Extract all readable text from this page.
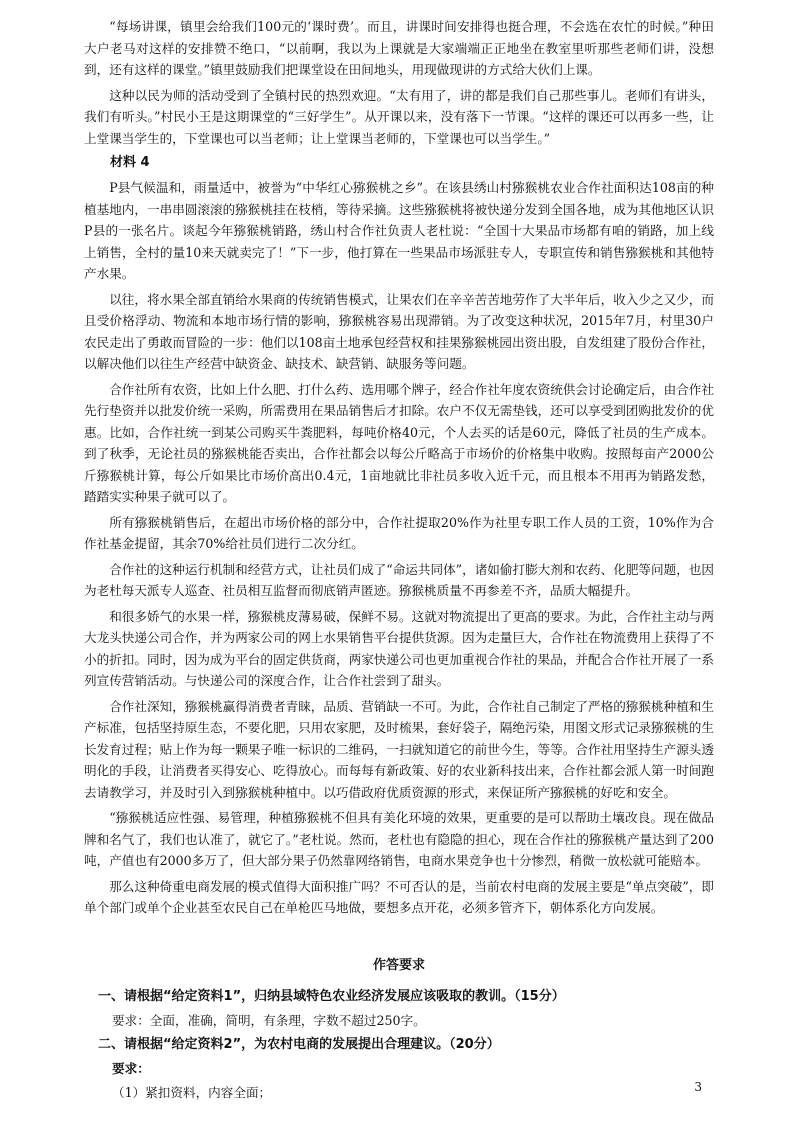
“每场讲课，镇里会给我们100元的‘课时费’。而且，讲课时间安排得也挺合理，不会选在农忙的时候。”种田大户老马对这样的安排赞不绝口，“以前啊，我以为上课就是大家端端正正地坐在教室里听那些老师们讲，没想到，还有这样的课堂。”镇里鼓励我们把课堂设在田间地头，用现做现讲的方式给大伙们上课。

这种以民为师的活动受到了全镇村民的热烈欢迎。“太有用了，讲的都是我们自己那些事儿。老师们有讲头，我们有听头。”村民小王是这期课堂的“三好学生”。从开课以来，没有落下一节课。“这样的课还可以再多一些，让上堂课当学生的，下堂课也可以当老师；让上堂课当老师的，下堂课也可以当学生。”

材料 4

P县气候温和，雨量适中，被誉为“中华红心猕猴桃之乡”。在该县绣山村猕猴桃农业合作社面积达108亩的种植基地内，一串串圆滚滚的猕猴桃挂在枝梢，等待采摘。这些猕猴桃将被快递分发到全国各地，成为其他地区认识P县的一张名片。谈起今年猕猴桃销路，绣山村合作社负责人老杜说：“全国十大果品市场都有咱的销路，加上线上销售，全村的量10来天就卖完了！”下一步，他打算在一些果品市场派驻专人，专职宣传和销售猕猴桃和其他特产水果。

以往，将水果全部直销给水果商的传统销售模式，让果农们在辛辛苦苦地劳作了大半年后，收入少之又少，而且受价格浮动、物流和本地市场行情的影响，猕猴桃容易出现滞销。为了改变这种状况，2015年7月，村里30户农民走出了勇敢而冒险的一步：他们以108亩土地承包经营权和挂果猕猴桃园出资出股，自发组建了股份合作社，以解决他们以往生产经营中缺资金、缺技术、缺营销、缺服务等问题。

合作社所有农资，比如上什么肥、打什么药、选用哪个牌子，经合作社年度农资统供会讨论确定后，由合作社先行垫资并以批发价统一采购，所需费用在果品销售后才扣除。农户不仅无需垫钱，还可以享受到团购批发价的优惠。比如，合作社统一到某公司购买牛粪肥料，每吨价格40元，个人去买的话是60元，降低了社员的生产成本。到了秋季，无论社员的猕猴桃能否卖出，合作社都会以每公斤略高于市场价的价格集中收购。按照每亩产2000公斤猕猴桃计算，每公斤如果比市场价高出0.4元，1亩地就比非社员多收入近千元，而且根本不用再为销路发愁，踏踏实实种果子就可以了。

所有猕猴桃销售后，在超出市场价格的部分中，合作社提取20%作为社里专职工作人员的工资，10%作为合作社基金提留，其余70%给社员们进行二次分红。

合作社的这种运行机制和经营方式，让社员们成了“命运共同体”，诸如偷打膨大剂和农药、化肥等问题，也因为老杜每天派专人巡查、社员相互监督而彻底销声匿迹。猕猴桃质量不再参差不齐，品质大幅提升。

和很多娇气的水果一样，猕猴桃皮薄易破，保鲜不易。这就对物流提出了更高的要求。为此，合作社主动与两大龙头快递公司合作，并为两家公司的网上水果销售平台提供货源。因为走量巨大，合作社在物流费用上获得了不小的折扣。同时，因为成为平台的固定供货商，两家快递公司也更加重视合作社的果品，并配合合作社开展了一系列宣传营销活动。与快递公司的深度合作，让合作社尝到了甜头。

合作社深知，猕猴桃赢得消费者青睐，品质、营销缺一不可。为此，合作社自己制定了严格的猕猴桃种植和生产标准，包括坚持原生态，不要化肥，只用农家肥，及时梳果，套好袋子，隔绝污染，用图文形式记录猕猴桃的生长发育过程；贴上作为每一颗果子唯一标识的二维码，一扫就知道它的前世今生，等等。合作社用坚持生产源头透明化的手段，让消费者买得安心、吃得放心。而每每有新政策、好的农业新科技出来，合作社都会派人第一时间跑去请教学习，并及时引入到猕猴桃种植中。以巧借政府优质资源的形式，来保证所产猕猴桃的好吃和安全。

“猕猴桃适应性强、易管理，种植猕猴桃不但具有美化环境的效果，更重要的是可以帮助土壤改良。现在做品牌和名气了，我们也认准了，就它了。”老杜说。然而，老杜也有隐隐的担心，现在合作社的猕猴桃产量达到了200吨，产值也有2000多万了，但大部分果子仍然靠网络销售，电商水果竞争也十分惨烈，稍微一放松就可能赔本。

那么这种倚重电商发展的模式值得大面积推广吗？不可否认的是，当前农村电商的发展主要是“单点突破”，即单个部门或单个企业甚至农民自己在单枪匹马地做，要想多点开花，必须多管齐下，朝体系化方向发展。

作答要求

一、请根据“给定资料1”，归纳县域特色农业经济发展应该吸取的教训。（15分）

要求：全面，准确，简明，有条理，字数不超过250字。

二、请根据“给定资料2”，为农村电商的发展提出合理建议。（20分）

要求：

（1）紧扣资料，内容全面；	3
